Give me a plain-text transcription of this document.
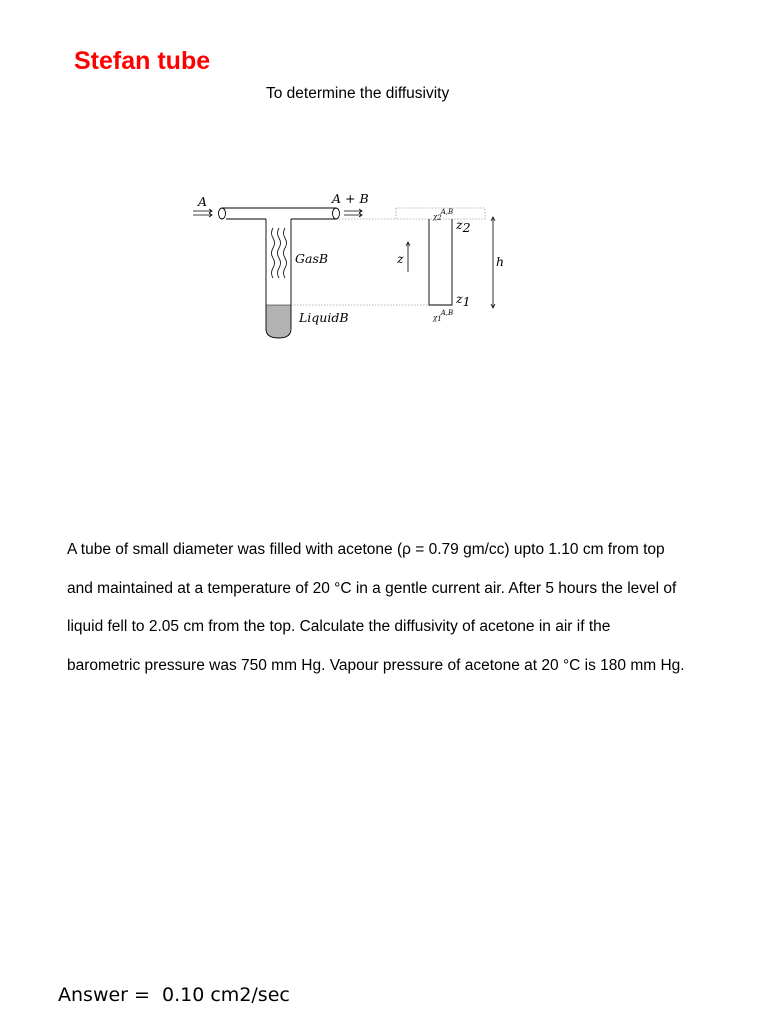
Stefan tube

To determine the diffusivity

A	A + B
GasB
LiquidB
z
z2
z1
χ2A,B
χ1A,B
h
A tube of small diameter was filled with acetone (ρ = 0.79 gm/cc) upto 1.10 cm from top
and maintained at a temperature of 20 °C in a gentle current air. After 5 hours the level of
liquid fell to 2.05 cm from the top. Calculate the diffusivity of acetone in air if the
barometric pressure was 750 mm Hg. Vapour pressure of acetone at 20 °C is 180 mm Hg.

Answer =  0.10 cm2/sec
